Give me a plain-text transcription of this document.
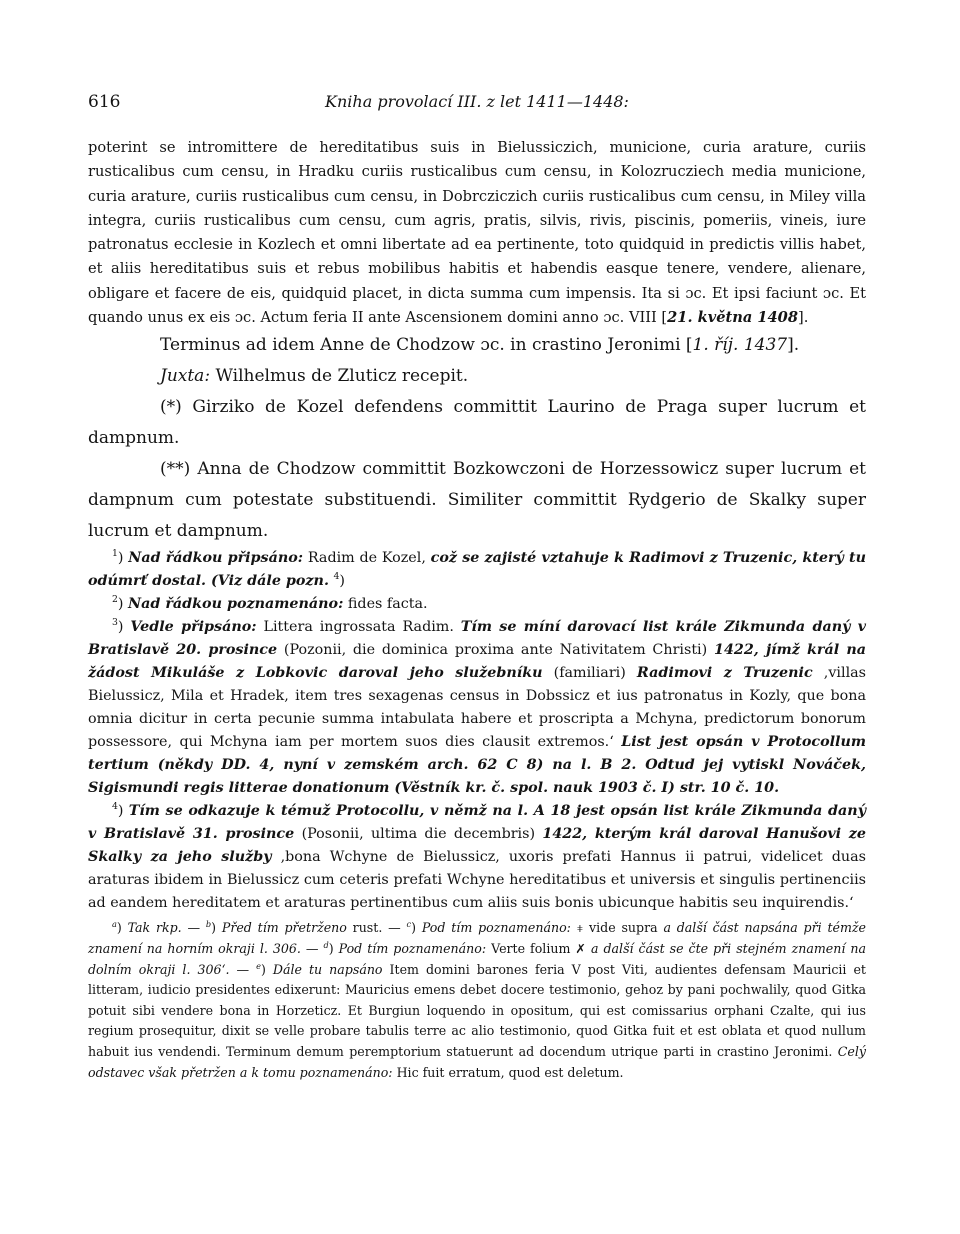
616	Kniha provolací III. z let 1411—1448:

poterint se intromittere de hereditatibus suis in Bielussiczich, municione, curia arature, curiis rusticalibus cum censu, in Hradku curiis rusticalibus cum censu, in Kolozrucziech media municione, curia arature, curiis rusticalibus cum censu, in Dobrcziczich curiis rusticalibus cum censu, in Miley villa integra, curiis rusticalibus cum censu, cum agris, pratis, silvis, rivis, piscinis, pomeriis, vineis, iure patronatus ecclesie in Kozlech et omni libertate ad ea pertinente, toto quidquid in predictis villis habet, et aliis hereditatibus suis et rebus mobilibus habitis et habendis easque tenere, vendere, alienare, obligare et facere de eis, quidquid placet, in dicta summa cum impensis. Ita si ɔc. Et ipsi faciunt ɔc. Et quando unus ex eis ɔc. Actum feria II ante Ascensionem domini anno ɔc. VIII [21. května 1408].

Terminus ad idem Anne de Chodzow ɔc. in crastino Jeronimi [1. říj. 1437].

Juxta: Wilhelmus de Zluticz recepit.

(*) Girziko de Kozel defendens committit Laurino de Praga super lucrum et dampnum.

(**) Anna de Chodzow committit Bozkowczoni de Horzessowicz super lucrum et dampnum cum potestate substituendi. Similiter committit Rydgerio de Skalky super lucrum et dampnum.

$^1$) Nad řádkou připsáno: Radim de Kozel, což se zajisté vztahuje k Radimovi z Truzenic, který tu odúmrť dostal. (Viz dále pozn. $^4$)

$^2$) Nad řádkou poznamenáno: fides facta.

$^3$) Vedle připsáno: Littera ingrossata Radim. Tím se míní darovací list krále Zikmunda daný v Bratislavě 20. prosince (Pozonii, die dominica proxima ante Nativitatem Christi) 1422, jímž král na žádost Mikuláše z Lobkovic daroval jeho služebníku (familiari) Radimovi z Truzenic ,villas Bielussicz, Mila et Hradek, item tres sexagenas census in Dobssicz et ius patronatus in Kozly, que bona omnia dicitur in certa pecunie summa intabulata habere et proscripta a Mchyna, predictorum bonorum possessore, qui Mchyna iam per mortem suos dies clausit extremos.‘ List jest opsán v Protocollum tertium (někdy DD. 4, nyní v zemském arch. 62 C 8) na l. B 2. Odtud jej vytiskl Nováček, Sigismundi regis litterae donationum (Věstník kr. č. spol. nauk 1903 č. I) str. 10 č. 10.

$^4$) Tím se odkazuje k témuž Protocollu, v němž na l. A 18 jest opsán list krále Zikmunda daný v Bratislavě 31. prosince (Posonii, ultima die decembris) 1422, kterým král daroval Hanušovi ze Skalky za jeho služby ,bona Wchyne de Bielussicz, uxoris prefati Hannus ii patrui, videlicet duas araturas ibidem in Bielussicz cum ceteris prefati Wchyne hereditatibus et universis et singulis pertinenciis ad eandem hereditatem et araturas pertinentibus cum aliis suis bonis ubicunque habitis seu inquirendis.‘

$^a$) Tak rkp. — $^b$) Před tím přetrženo rust. — $^c$) Pod tím poznamenáno: ⧧ vide supra a další část napsána při témže znamení na horním okraji l. 306. — $^d$) Pod tím poznamenáno: Verte folium ✗ a další část se čte při stejném znamení na dolním okraji l. 306‘. — $^e$) Dále tu napsáno Item domini barones feria V post Viti, audientes defensam Mauricii et litteram, iudicio presidentes edixerunt: Mauricius emens debet docere testimonio, gehoz by pani pochwalily, quod Gitka potuit sibi vendere bona in Horzeticz. Et Burgiun loquendo in opositum, qui est comissarius orphani Czalte, qui ius regium prosequitur, dixit se velle probare tabulis terre ac alio testimonio, quod Gitka fuit et est oblata et quod nullum habuit ius vendendi. Terminum demum peremptorium statuerunt ad docendum utrique parti in crastino Jeronimi. Celý odstavec však přetržen a k tomu poznamenáno: Hic fuit erratum, quod est deletum.
